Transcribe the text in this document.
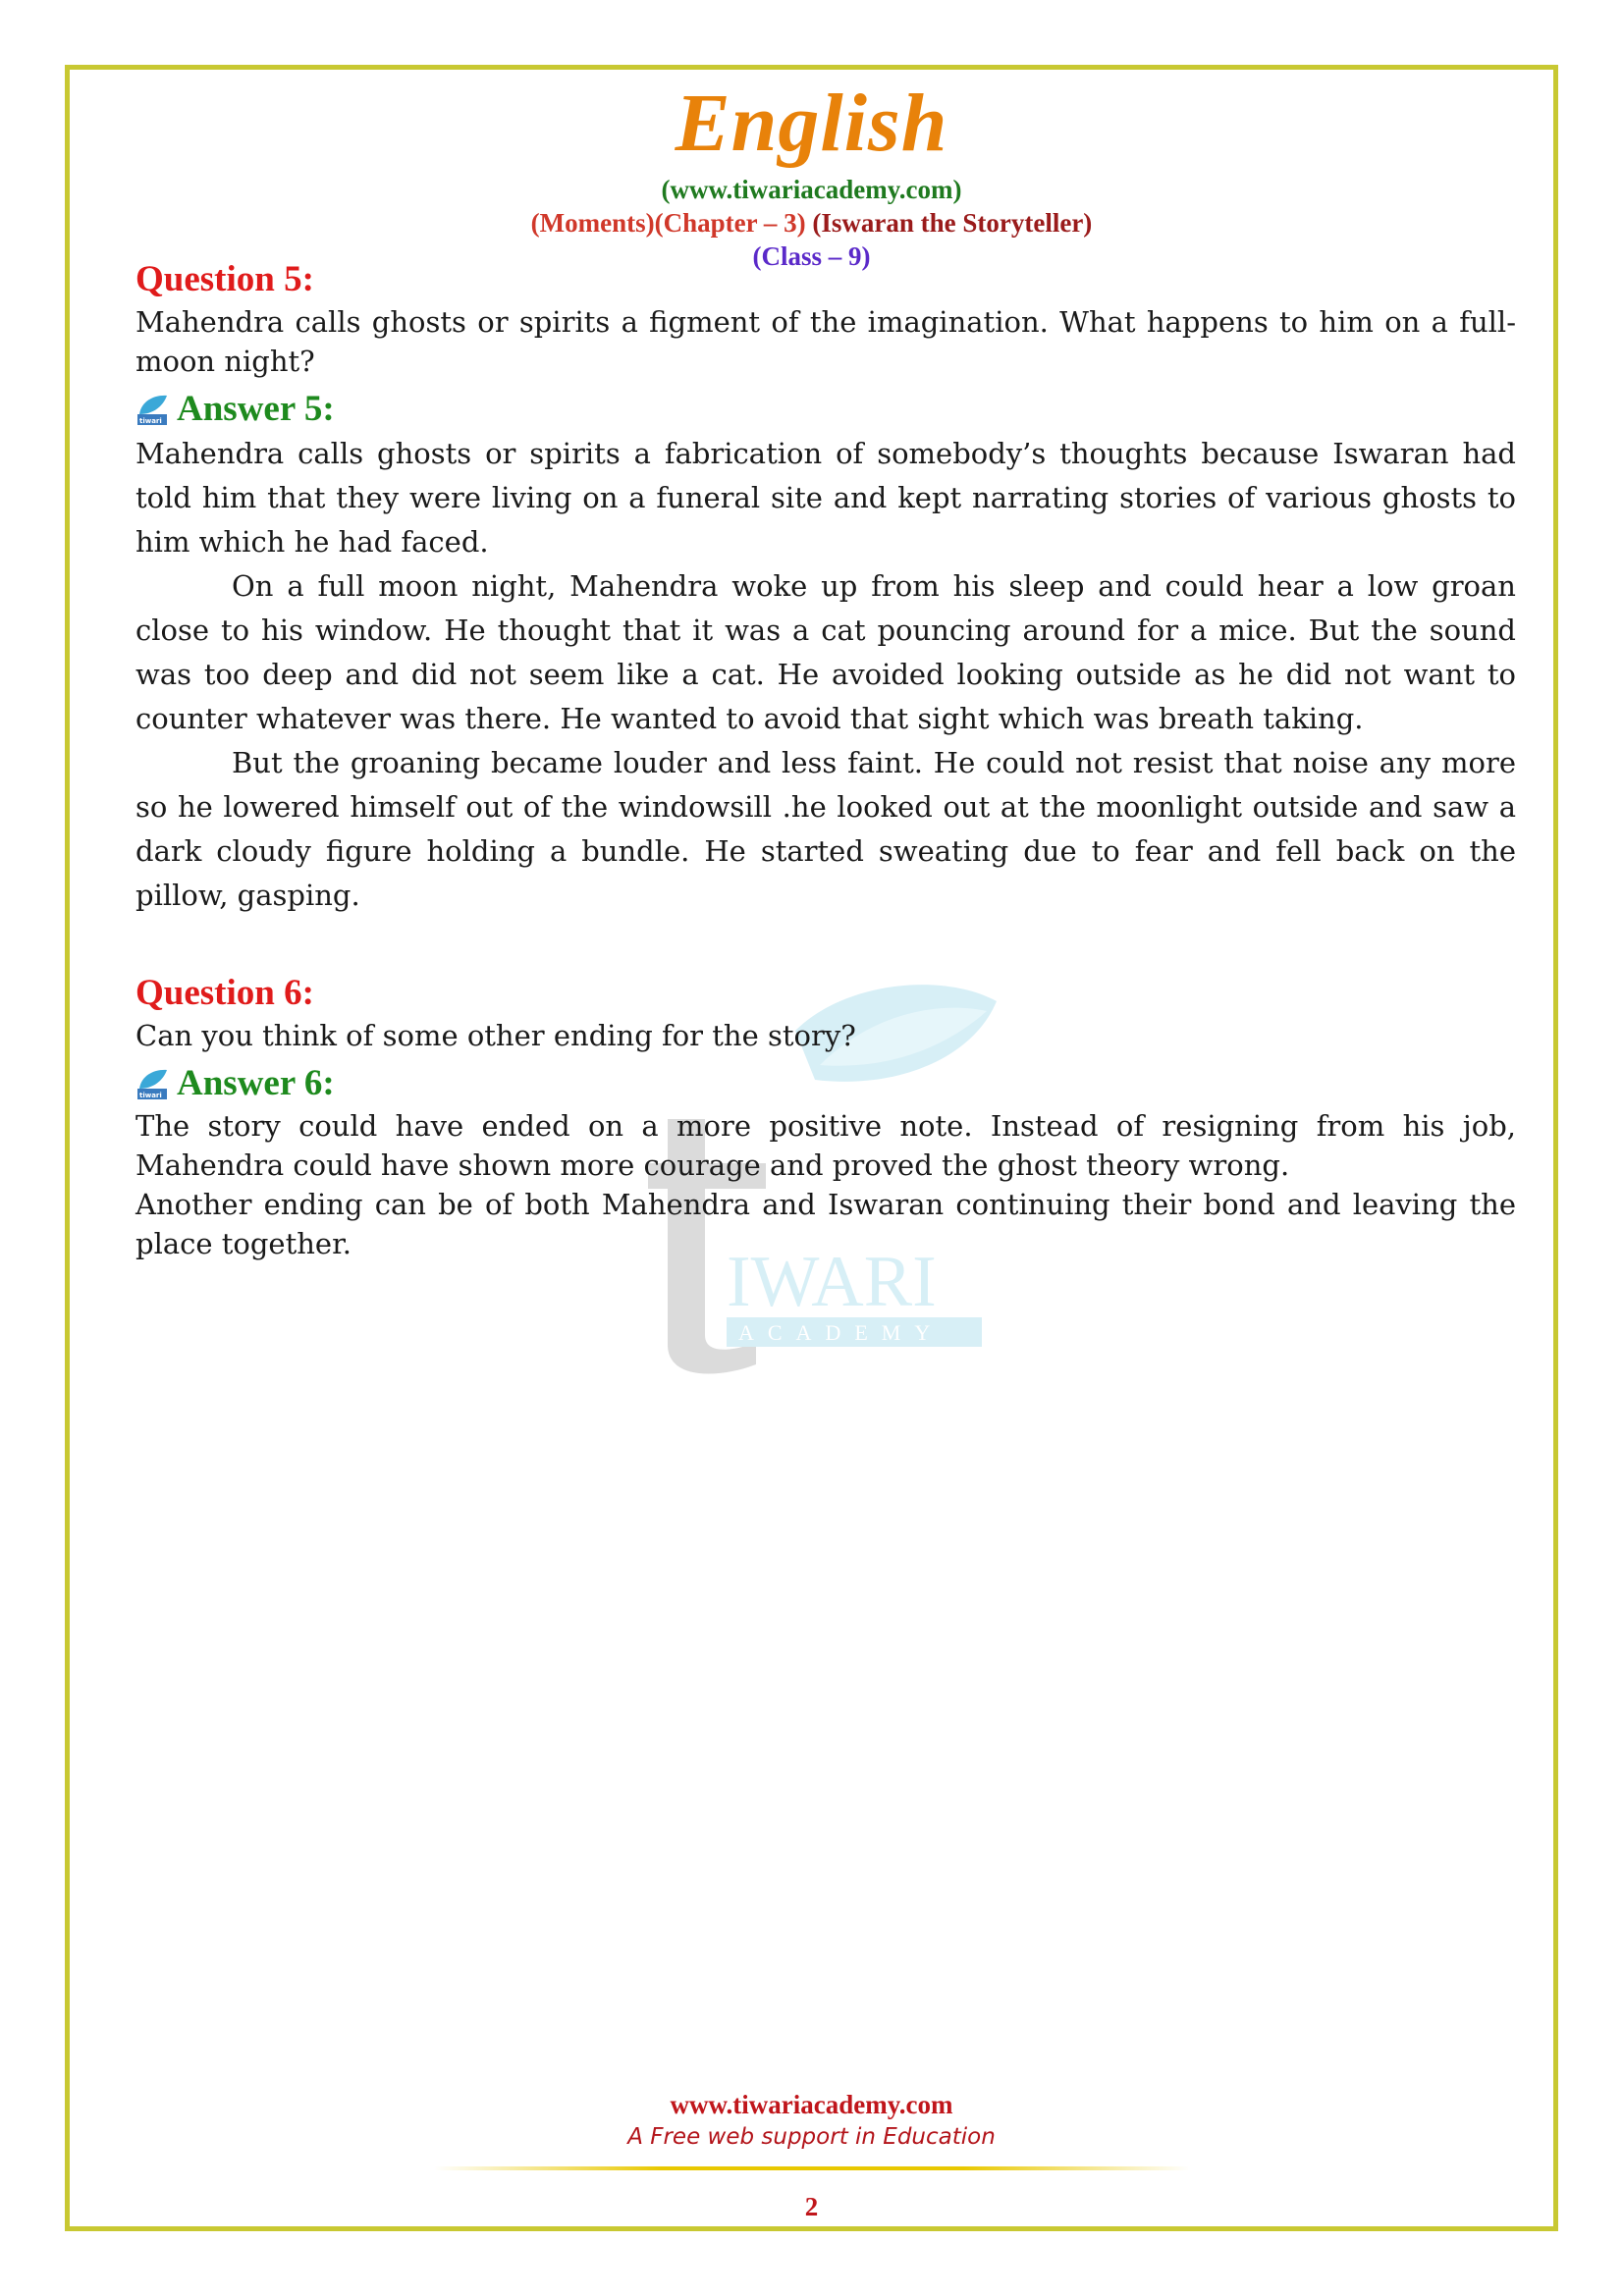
IWARI
ACADEMY
English
(www.tiwariacademy.com)
(Moments)(Chapter – 3) (Iswaran the Storyteller)
(Class – 9)
Question 5:

Mahendra calls ghosts or spirits a figment of the imagination. What happens to him on a full-moon night?

tiwari Answer 5:

Mahendra calls ghosts or spirits a fabrication of somebody’s thoughts because Iswaran had told him that they were living on a funeral site and kept narrating stories of various ghosts to him which he had faced.

On a full moon night, Mahendra woke up from his sleep and could hear a low groan close to his window. He thought that it was a cat pouncing around for a mice. But the sound was too deep and did not seem like a cat. He avoided looking outside as he did not want to counter whatever was there. He wanted to avoid that sight which was breath taking.

But the groaning became louder and less faint. He could not resist that noise any more so he lowered himself out of the windowsill .he looked out at the moonlight outside and saw a dark cloudy figure holding a bundle. He started sweating due to fear and fell back on the pillow, gasping.

Question 6:

Can you think of some other ending for the story?

tiwari Answer 6:

The story could have ended on a more positive note. Instead of resigning from his job, Mahendra could have shown more courage and proved the ghost theory wrong.

Another ending can be of both Mahendra and Iswaran continuing their bond and leaving the place together.

www.tiwariacademy.com
A Free web support in Education
2
